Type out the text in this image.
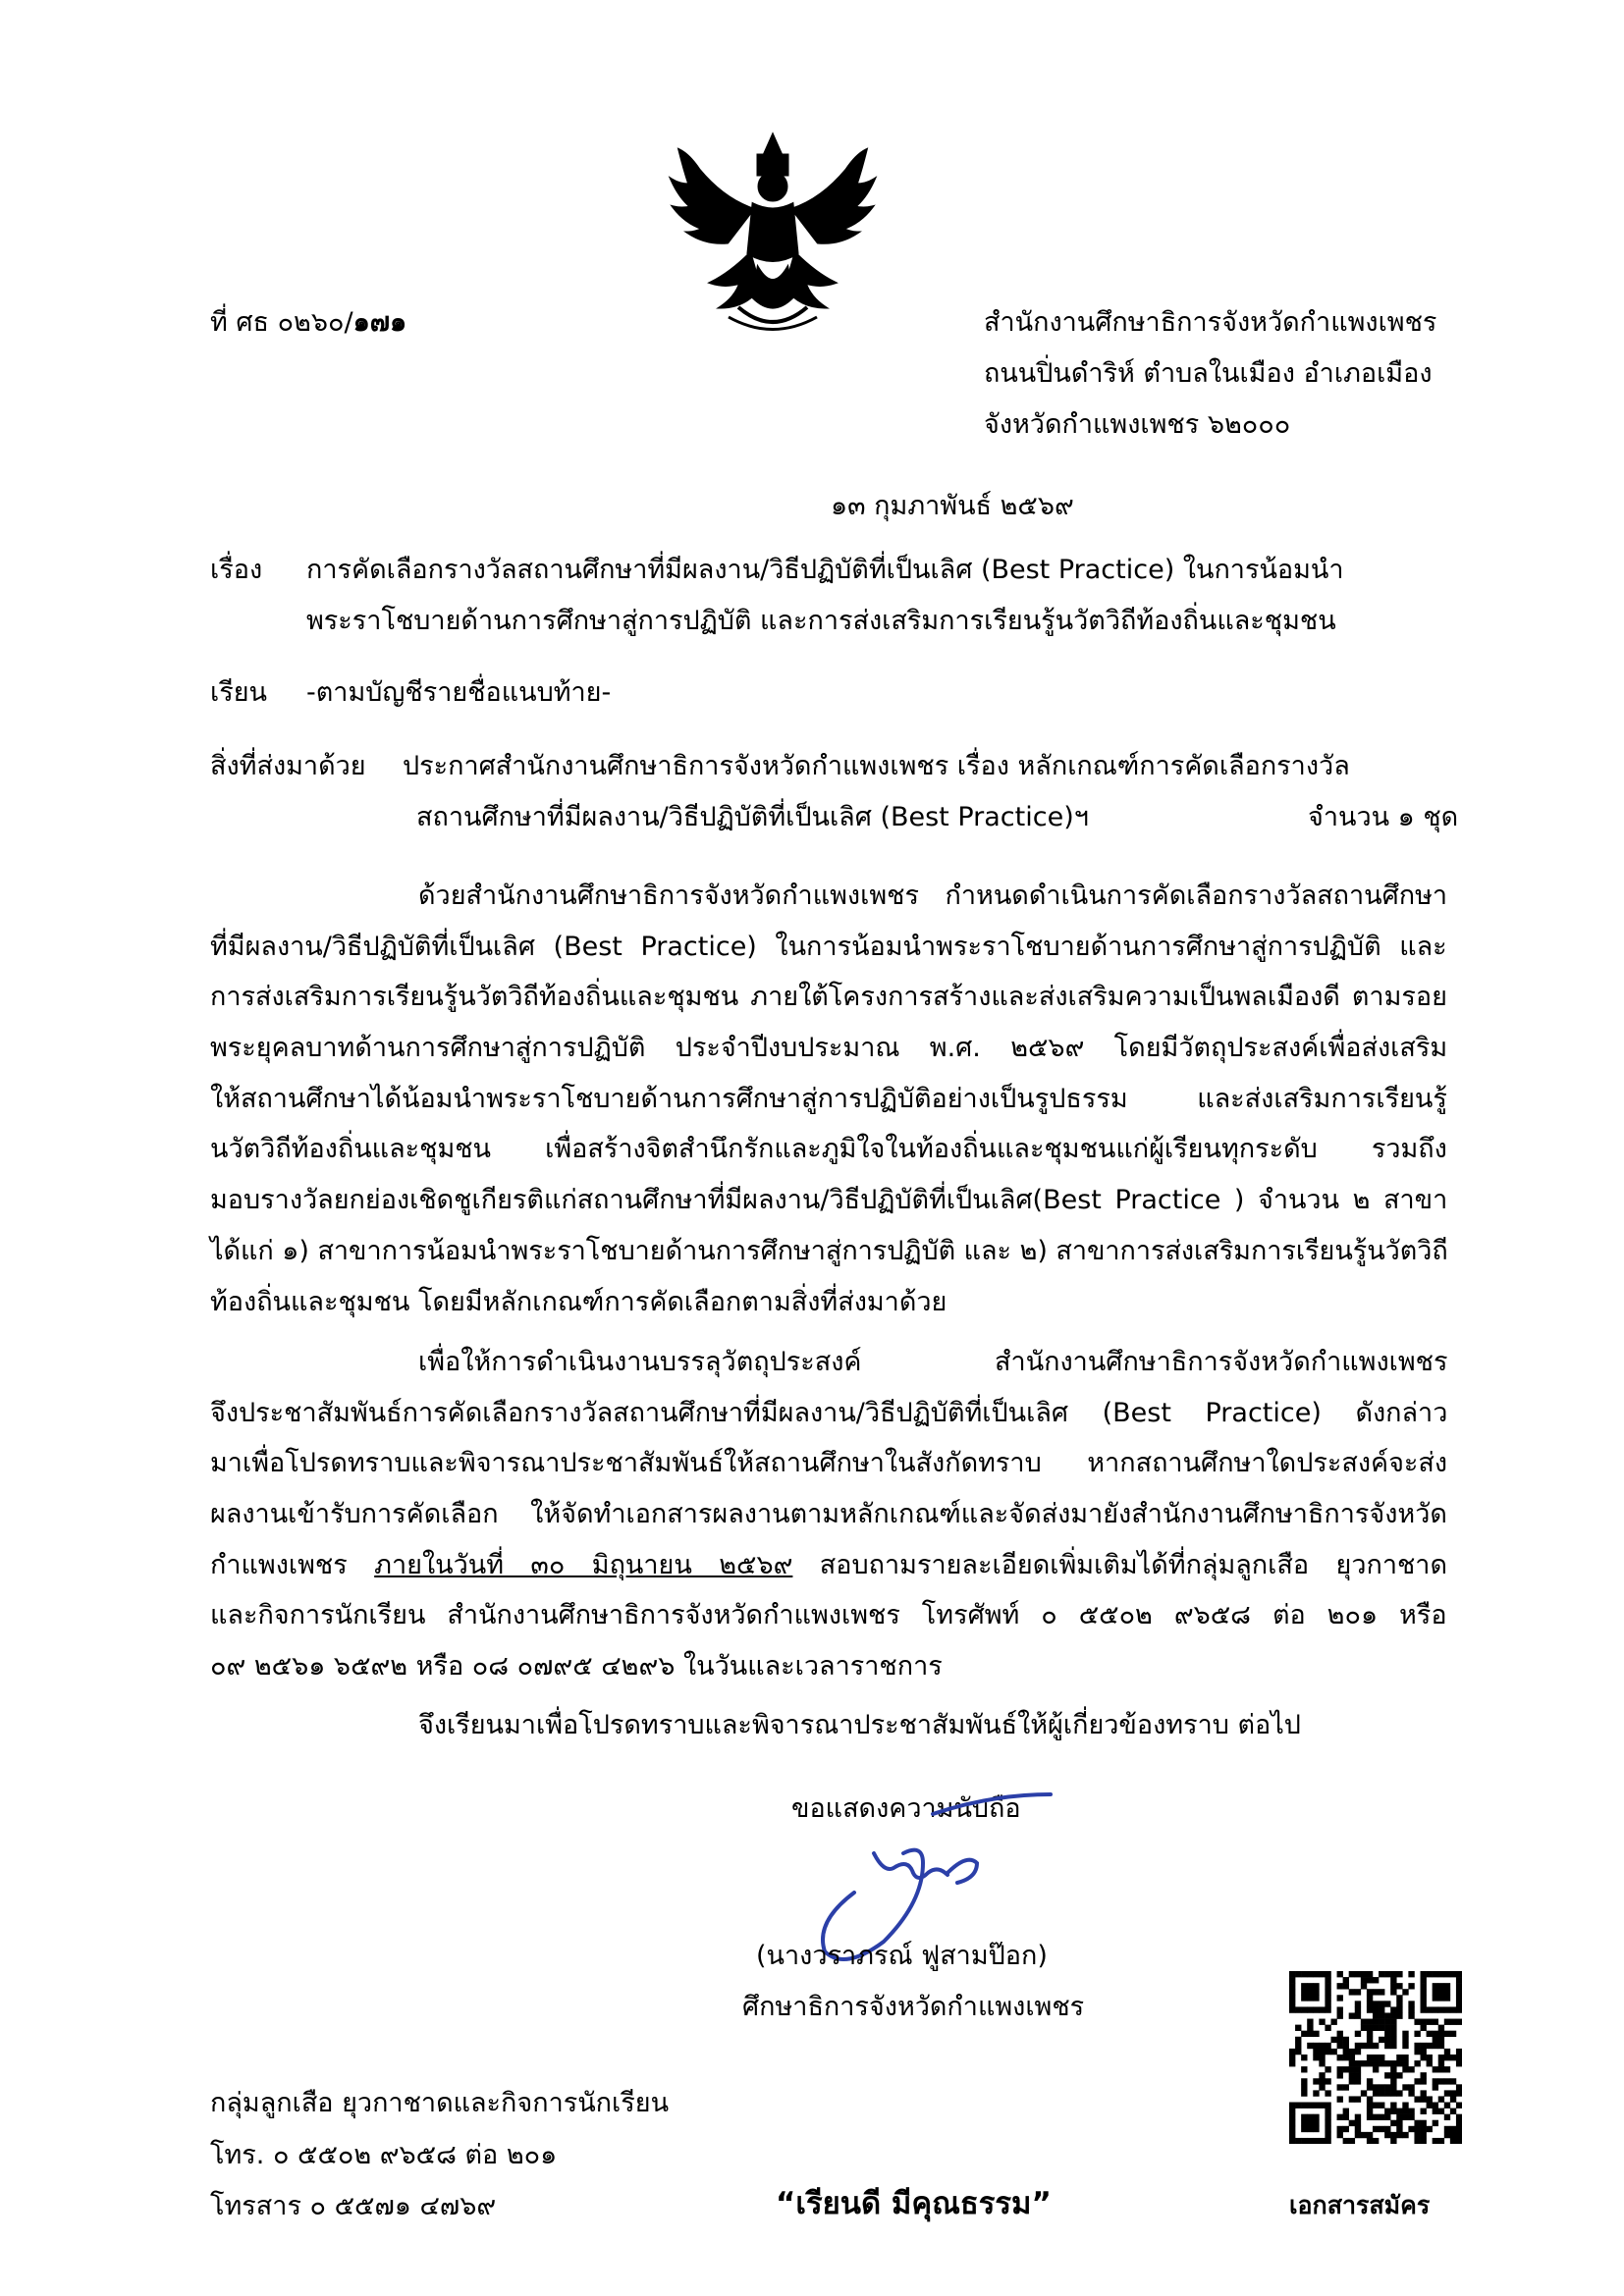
ที่ ศธ ๐๒๖๐/๑๗๑	สำนักงานศึกษาธิการจังหวัดกำแพงเพชร
ถนนปิ่นดำริห์ ตำบลในเมือง อำเภอเมือง
จังหวัดกำแพงเพชร ๖๒๐๐๐
๑๓ กุมภาพันธ์ ๒๕๖๙
เรื่อง การคัดเลือกรางวัลสถานศึกษาที่มีผลงาน/วิธีปฏิบัติที่เป็นเลิศ (Best Practice) ในการน้อมนำ
พระราโชบายด้านการศึกษาสู่การปฏิบัติ และการส่งเสริมการเรียนรู้นวัตวิถีท้องถิ่นและชุมชน
เรียน -ตามบัญชีรายชื่อแนบท้าย-
สิ่งที่ส่งมาด้วย ประกาศสำนักงานศึกษาธิการจังหวัดกำแพงเพชร เรื่อง หลักเกณฑ์การคัดเลือกรางวัล
สถานศึกษาที่มีผลงาน/วิธีปฏิบัติที่เป็นเลิศ (Best Practice)ฯ	จำนวน ๑ ชุด
ด้วยสำนักงานศึกษาธิการจังหวัดกำแพงเพชร กำหนดดำเนินการคัดเลือกรางวัลสถานศึกษา
ที่มีผลงาน/วิธีปฏิบัติที่เป็นเลิศ (Best Practice) ในการน้อมนำพระราโชบายด้านการศึกษาสู่การปฏิบัติ และ
การส่งเสริมการเรียนรู้นวัตวิถีท้องถิ่นและชุมชน ภายใต้โครงการสร้างและส่งเสริมความเป็นพลเมืองดี ตามรอย
พระยุคลบาทด้านการศึกษาสู่การปฏิบัติ ประจำปีงบประมาณ พ.ศ. ๒๕๖๙ โดยมีวัตถุประสงค์เพื่อส่งเสริม
ให้สถานศึกษาได้น้อมนำพระราโชบายด้านการศึกษาสู่การปฏิบัติอย่างเป็นรูปธรรม และส่งเสริมการเรียนรู้
นวัตวิถีท้องถิ่นและชุมชน เพื่อสร้างจิตสำนึกรักและภูมิใจในท้องถิ่นและชุมชนแก่ผู้เรียนทุกระดับ รวมถึง
มอบรางวัลยกย่องเชิดชูเกียรติแก่สถานศึกษาที่มีผลงาน/วิธีปฏิบัติที่เป็นเลิศ(Best Practice ) จำนวน ๒ สาขา
ได้แก่ ๑) สาขาการน้อมนำพระราโชบายด้านการศึกษาสู่การปฏิบัติ และ ๒) สาขาการส่งเสริมการเรียนรู้นวัตวิถี
ท้องถิ่นและชุมชน โดยมีหลักเกณฑ์การคัดเลือกตามสิ่งที่ส่งมาด้วย
เพื่อให้การดำเนินงานบรรลุวัตถุประสงค์ สำนักงานศึกษาธิการจังหวัดกำแพงเพชร
จึงประชาสัมพันธ์การคัดเลือกรางวัลสถานศึกษาที่มีผลงาน/วิธีปฏิบัติที่เป็นเลิศ (Best Practice) ดังกล่าว
มาเพื่อโปรดทราบและพิจารณาประชาสัมพันธ์ให้สถานศึกษาในสังกัดทราบ หากสถานศึกษาใดประสงค์จะส่ง
ผลงานเข้ารับการคัดเลือก ให้จัดทำเอกสารผลงานตามหลักเกณฑ์และจัดส่งมายังสำนักงานศึกษาธิการจังหวัด
กำแพงเพชร ภายในวันที่ ๓๐ มิถุนายน ๒๕๖๙ สอบถามรายละเอียดเพิ่มเติมได้ที่กลุ่มลูกเสือ ยุวกาชาด
และกิจการนักเรียน สำนักงานศึกษาธิการจังหวัดกำแพงเพชร โทรศัพท์ ๐ ๕๕๐๒ ๙๖๕๘ ต่อ ๒๐๑ หรือ
๐๙ ๒๕๖๑ ๖๕๙๒ หรือ ๐๘ ๐๗๙๕ ๔๒๙๖ ในวันและเวลาราชการ
จึงเรียนมาเพื่อโปรดทราบและพิจารณาประชาสัมพันธ์ให้ผู้เกี่ยวข้องทราบ ต่อไป
ขอแสดงความนับถือ
(นางวราภรณ์ ฟูสามป๊อก)
ศึกษาธิการจังหวัดกำแพงเพชร
กลุ่มลูกเสือ ยุวกาชาดและกิจการนักเรียน
โทร. ๐ ๕๕๐๒ ๙๖๕๘ ต่อ ๒๐๑
โทรสาร ๐ ๕๕๗๑ ๔๗๖๙	“เรียนดี มีคุณธรรม”	เอกสารสมัคร
